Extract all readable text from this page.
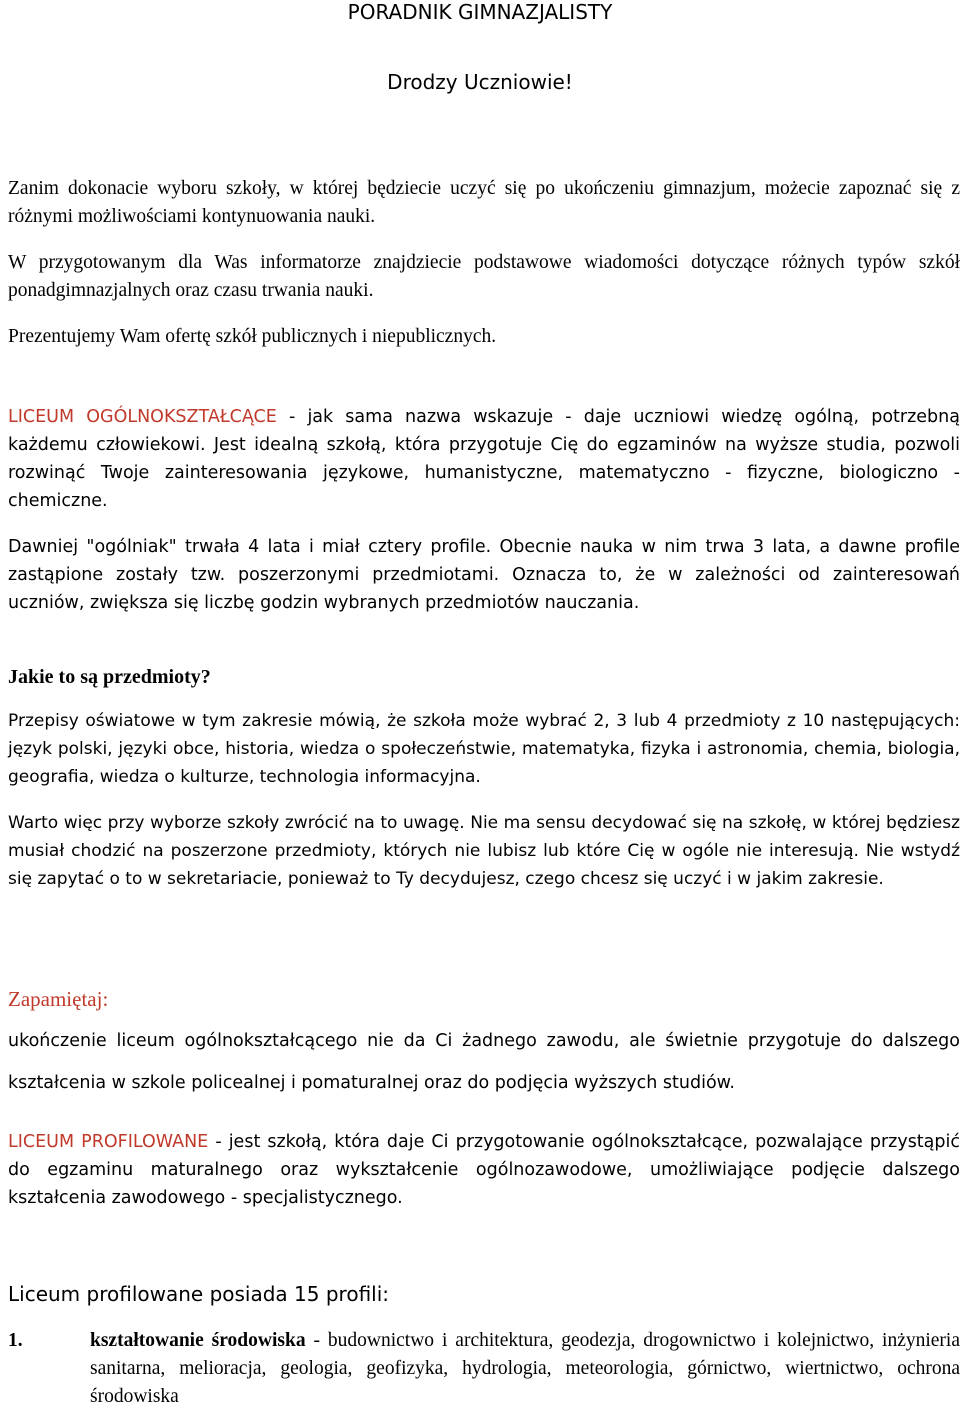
PORADNIK GIMNAZJALISTY
Drodzy Uczniowie!
Zanim dokonacie wyboru szkoły, w której będziecie uczyć się po ukończeniu gimnazjum, możecie zapoznać się z różnymi możliwościami kontynuowania nauki.
W przygotowanym dla Was informatorze znajdziecie podstawowe wiadomości dotyczące różnych typów szkół ponadgimnazjalnych oraz czasu trwania nauki.
Prezentujemy Wam ofertę szkół publicznych i niepublicznych.
LICEUM OGÓLNOKSZTAŁCĄCE - jak sama nazwa wskazuje - daje uczniowi wiedzę ogólną, potrzebną każdemu człowiekowi. Jest idealną szkołą, która przygotuje Cię do egzaminów na wyższe studia, pozwoli rozwinąć Twoje zainteresowania językowe, humanistyczne, matematyczno - fizyczne, biologiczno - chemiczne.
Dawniej "ogólniak" trwała 4 lata i miał cztery profile. Obecnie nauka w nim trwa 3 lata, a dawne profile zastąpione zostały tzw. poszerzonymi przedmiotami. Oznacza to, że w zależności od zainteresowań uczniów, zwiększa się liczbę godzin wybranych przedmiotów nauczania.
Jakie to są przedmioty?
Przepisy oświatowe w tym zakresie mówią, że szkoła może wybrać 2, 3 lub 4 przedmioty z 10 następujących: język polski, języki obce, historia, wiedza o społeczeństwie, matematyka, fizyka i astronomia, chemia, biologia, geografia, wiedza o kulturze, technologia informacyjna.
Warto więc przy wyborze szkoły zwrócić na to uwagę. Nie ma sensu decydować się na szkołę, w której będziesz musiał chodzić na poszerzone przedmioty, których nie lubisz lub które Cię w ogóle nie interesują. Nie wstydź się zapytać o to w sekretariacie, ponieważ to Ty decydujesz, czego chcesz się uczyć i w jakim zakresie.
Zapamiętaj:
ukończenie liceum ogólnokształcącego nie da Ci żadnego zawodu, ale świetnie przygotuje do dalszego kształcenia w szkole policealnej i pomaturalnej oraz do podjęcia wyższych studiów.
LICEUM PROFILOWANE - jest szkołą, która daje Ci przygotowanie ogólnokształcące, pozwalające przystąpić do egzaminu maturalnego oraz wykształcenie ogólnozawodowe, umożliwiające podjęcie dalszego kształcenia zawodowego - specjalistycznego.
Liceum profilowane posiada 15 profili:
1.	kształtowanie środowiska - budownictwo i architektura, geodezja, drogownictwo i kolejnictwo, inżynieria sanitarna, melioracja, geologia, geofizyka, hydrologia, meteorologia, górnictwo, wiertnictwo, ochrona środowiska
